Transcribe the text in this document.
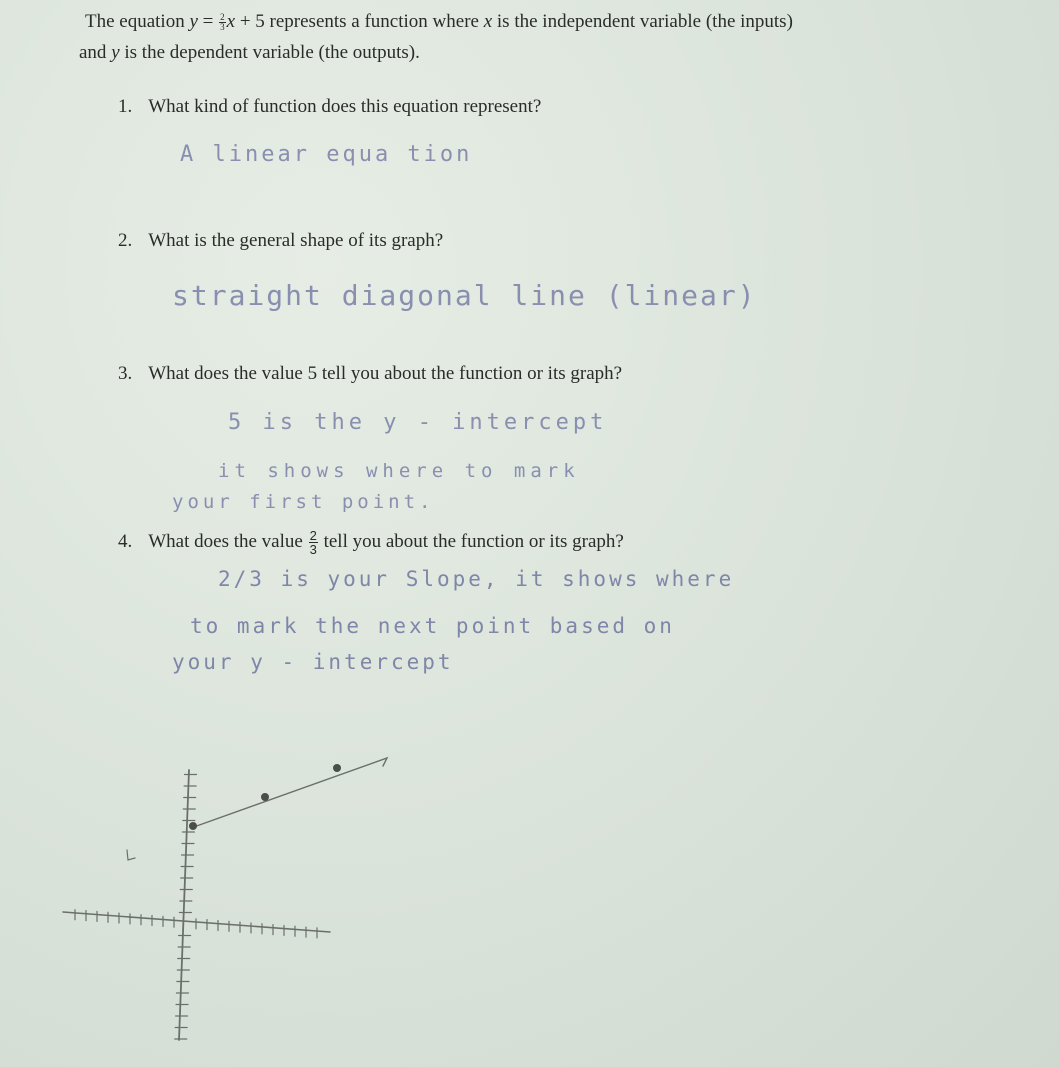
The equation $y = \frac{2}{3}$ x + 5 represents a function where x is the independent variable (the inputs)
and y is the dependent variable (the outputs).
1. What kind of function does this equation represent?
A linear equa tion
2. What is the general shape of its graph?
straight diagonal line (linear)
3. What does the value 5 tell you about the function or its graph?
5 is the y - intercept
it shows where to mark
your first point.
4. What does the value $\frac{2}{3}$ tell you about the function or its graph?
2/3 is your Slope, it shows where
to mark the next point based on
your y - intercept
